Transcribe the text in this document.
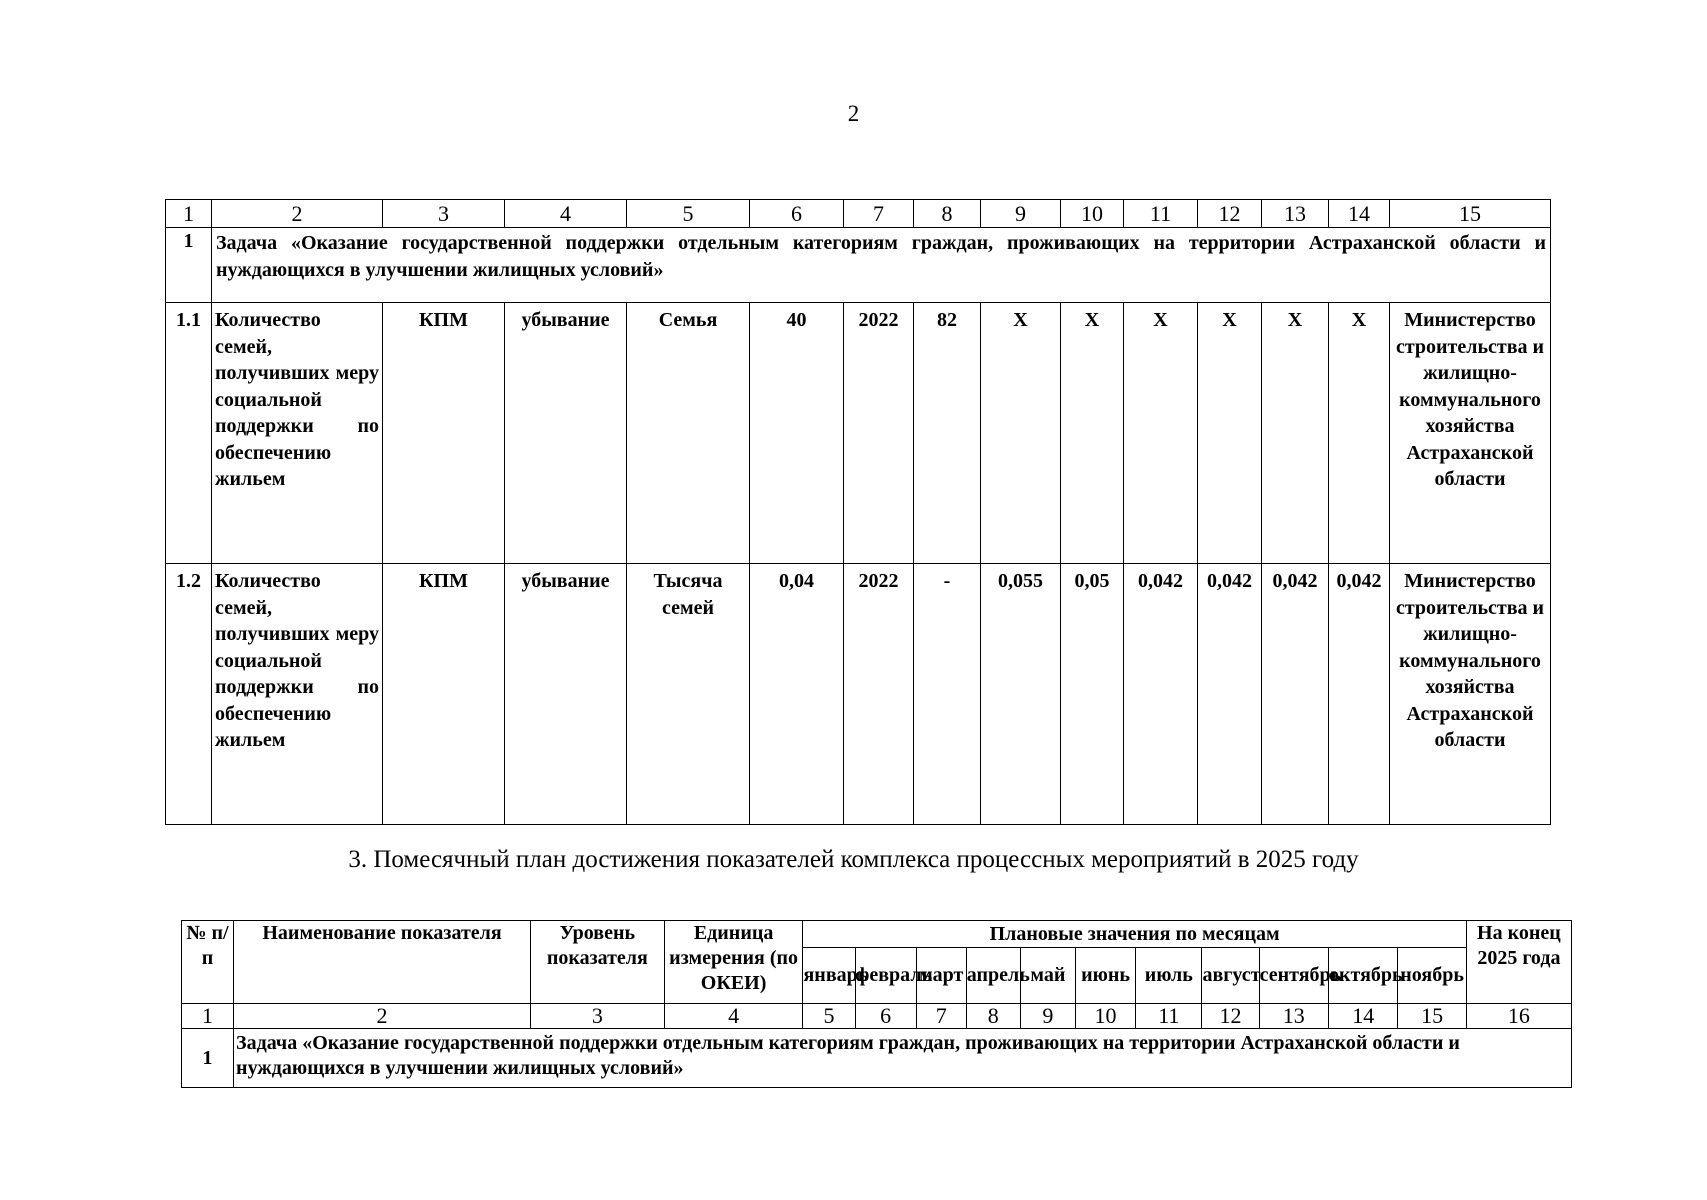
2
1	2	3	4	5	6	7	8	9	10	11	12	13	14	15
1	Задача «Оказание государственной поддержки отдельным категориям граждан, проживающих на территории Астраханской области и нуждающихся в улучшении жилищных условий»													
1.1	Количество семей, получивших меру социальной поддержки по обеспечению жильем	КПМ	убывание	Семья	40	2022	82	X	X	X	X	X	X	Министерство строительства и жилищно-коммунального хозяйства Астраханской области
1.2	Количество семей, получивших меру социальной поддержки по обеспечению жильем	КПМ	убывание	Тысяча семей	0,04	2022	-	0,055	0,05	0,042	0,042	0,042	0,042	Министерство строительства и жилищно-коммунального хозяйства Астраханской области
3. Помесячный план достижения показателей комплекса процессных мероприятий в 2025 году
№ п/п	Наименование показателя	Уровень показателя	Единица измерения (по ОКЕИ)	Плановые значения по месяцам											На конец 2025 года
				январь	февраль	март	апрель	май	июнь	июль	август	сентябрь	октябрь	ноябрь	
1	2	3	4	5	6	7	8	9	10	11	12	13	14	15	16
1	Задача «Оказание государственной поддержки отдельным категориям граждан, проживающих на территории Астраханской области и нуждающихся в улучшении жилищных условий»														
